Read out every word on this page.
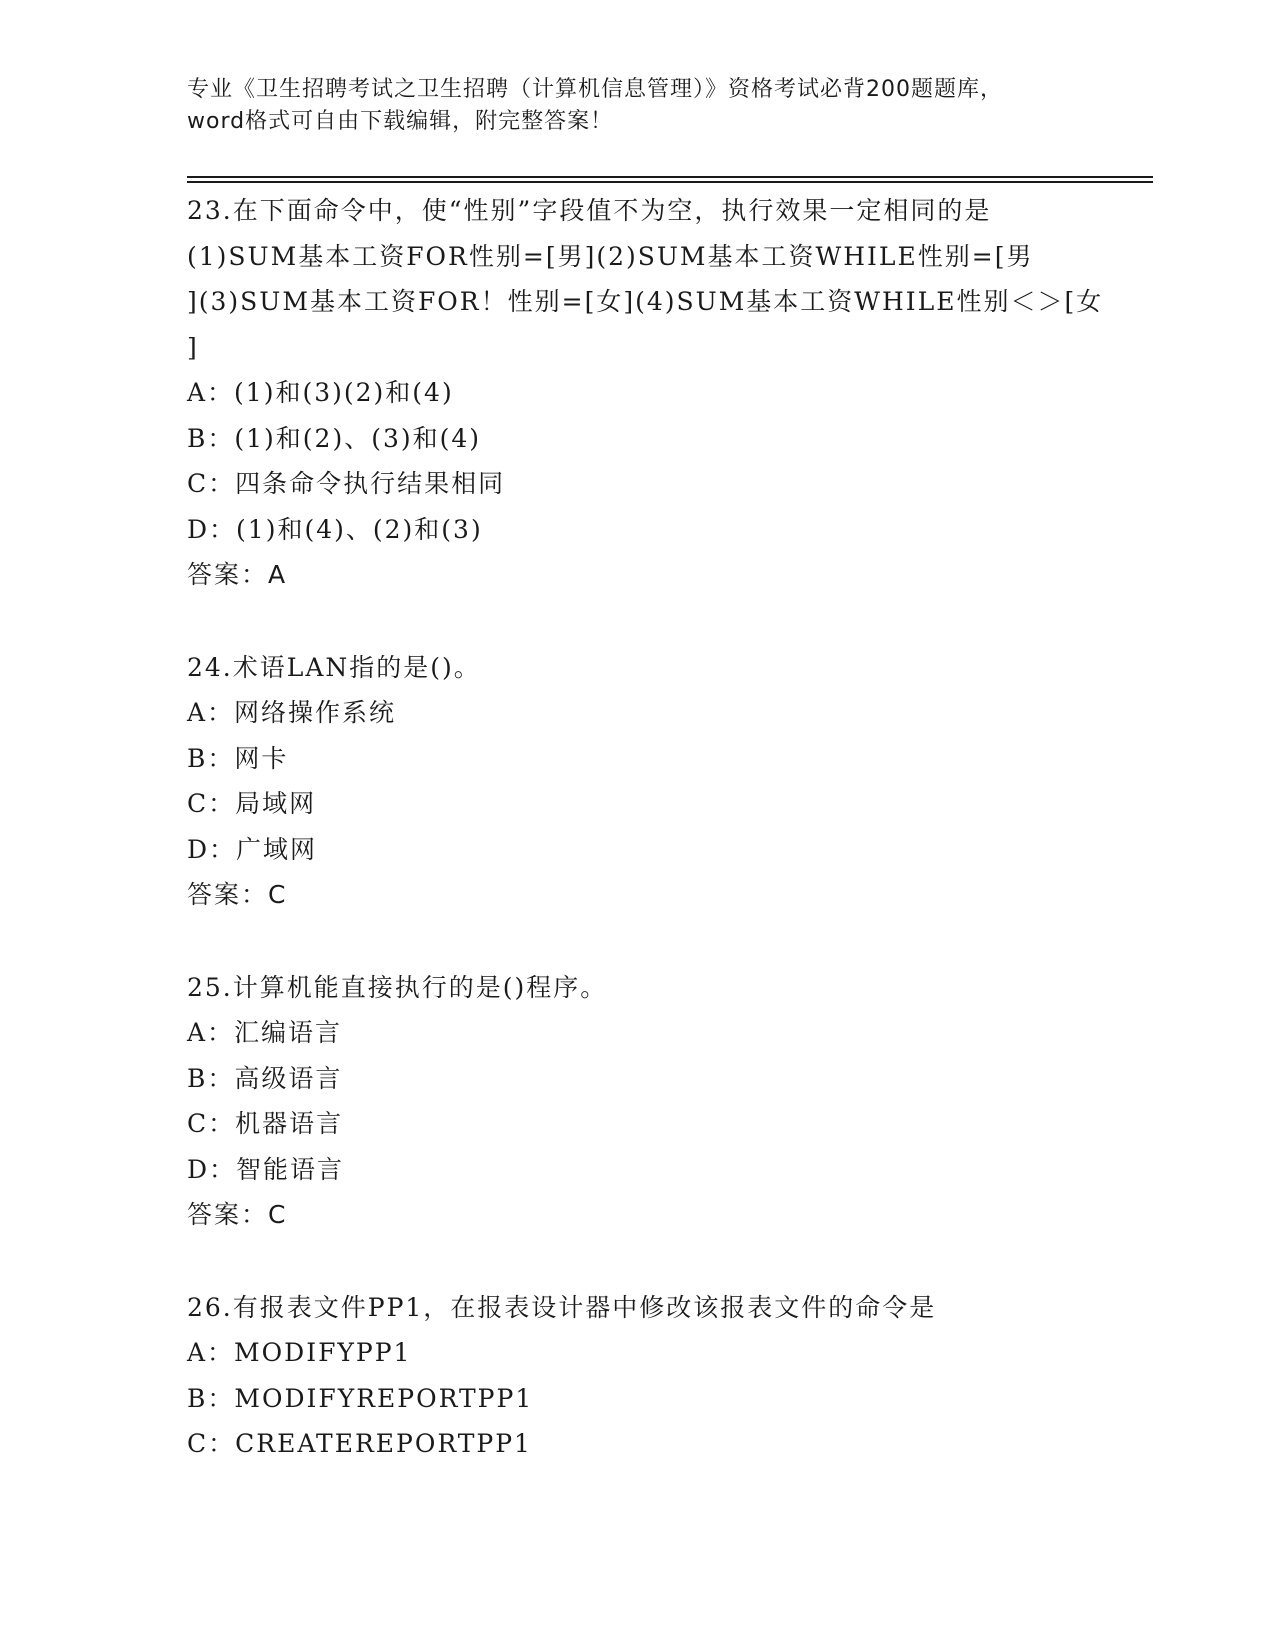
专业《卫生招聘考试之卫生招聘（计算机信息管理）》资格考试必背200题题库，
word格式可自由下载编辑，附完整答案！
23.在下面命令中，使“性别”字段值不为空，执行效果一定相同的是
(1)SUM基本工资FOR性别=[男](2)SUM基本工资WHILE性别=[男
](3)SUM基本工资FOR！性别=[女](4)SUM基本工资WHILE性别＜＞[女
]
A：(1)和(3)(2)和(4)
B：(1)和(2)、(3)和(4)
C：四条命令执行结果相同
D：(1)和(4)、(2)和(3)
答案：A
24.术语LAN指的是()。
A：网络操作系统
B：网卡
C：局域网
D：广域网
答案：C
25.计算机能直接执行的是()程序。
A：汇编语言
B：高级语言
C：机器语言
D：智能语言
答案：C
26.有报表文件PP1，在报表设计器中修改该报表文件的命令是
A：MODIFYPP1
B：MODIFYREPORTPP1
C：CREATEREPORTPP1
